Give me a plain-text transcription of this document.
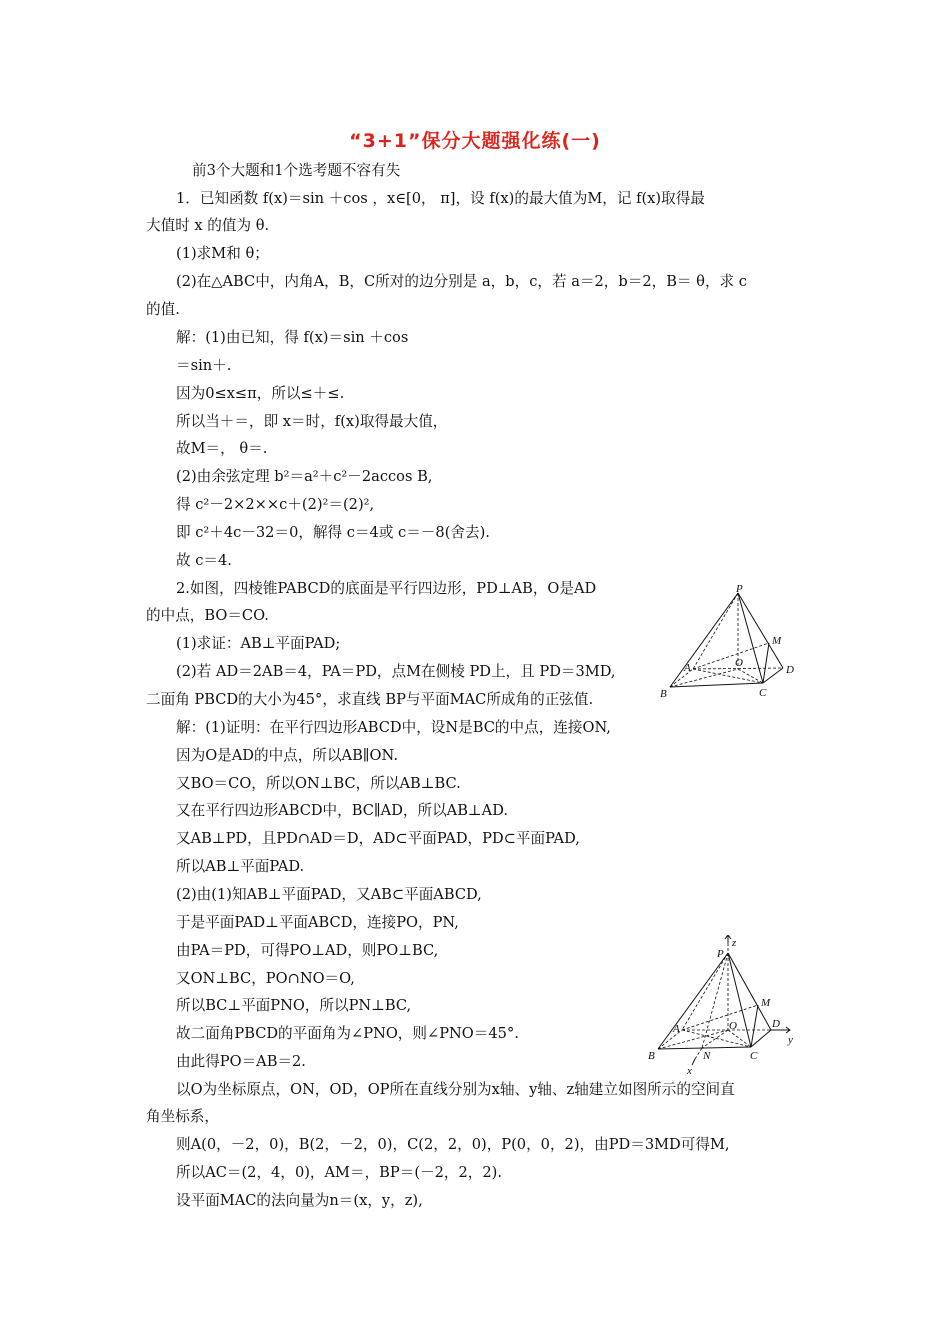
“3+1”保分大题强化练(一)
前3个大题和1个选考题不容有失
1．已知函数 f(x)＝sin ＋cos ，x∈[0， π]，设 f(x)的最大值为M，记 f(x)取得最
大值时 x 的值为 θ.
(1)求M和 θ；
(2)在△ABC中，内角A，B，C所对的边分别是 a，b，c，若 a＝2，b＝2，B＝ θ，求 c
的值.
解：(1)由已知，得 f(x)＝sin ＋cos
＝sin＋.
因为0≤x≤π，所以≤＋≤.
所以当＋＝，即 x＝时，f(x)取得最大值，
故M＝， θ＝.
(2)由余弦定理 b²＝a²＋c²－2accos B,
得 c²－2×2××c＋(2)²＝(2)²,
即 c²＋4c－32＝0，解得 c＝4或 c＝－8(舍去).
故 c＝4.
2.如图，四棱锥PABCD的底面是平行四边形，PD⊥AB，O是AD
的中点，BO＝CO.
(1)求证：AB⊥平面PAD;
(2)若 AD＝2AB＝4，PA＝PD，点M在侧棱 PD上，且 PD＝3MD,
二面角 PBCD的大小为45°，求直线 BP与平面MAC所成角的正弦值.
解：(1)证明：在平行四边形ABCD中，设N是BC的中点，连接ON,
因为O是AD的中点，所以AB∥ON.
又BO＝CO，所以ON⊥BC，所以AB⊥BC.
又在平行四边形ABCD中，BC∥AD，所以AB⊥AD.
又AB⊥PD，且PD∩AD＝D，AD⊂平面PAD，PD⊂平面PAD,
所以AB⊥平面PAD.
(2)由(1)知AB⊥平面PAD，又AB⊂平面ABCD,
于是平面PAD⊥平面ABCD，连接PO，PN,
由PA＝PD，可得PO⊥AD，则PO⊥BC,
又ON⊥BC，PO∩NO＝O,
所以BC⊥平面PNO，所以PN⊥BC,
故二面角PBCD的平面角为∠PNO，则∠PNO＝45°.
由此得PO＝AB＝2.
以O为坐标原点，ON，OD，OP所在直线分别为x轴、y轴、z轴建立如图所示的空间直
角坐标系，
则A(0，－2，0)，B(2，－2，0)，C(2，2，0)，P(0，0，2)，由PD＝3MD可得M,
所以AC＝(2，4，0)，AM＝，BP＝(－2，2，2).
设平面MAC的法向量为n＝(x，y，z),
P
M
A	O
D
B	C
z
P
M
A	O	D
y
B	N	C
x
